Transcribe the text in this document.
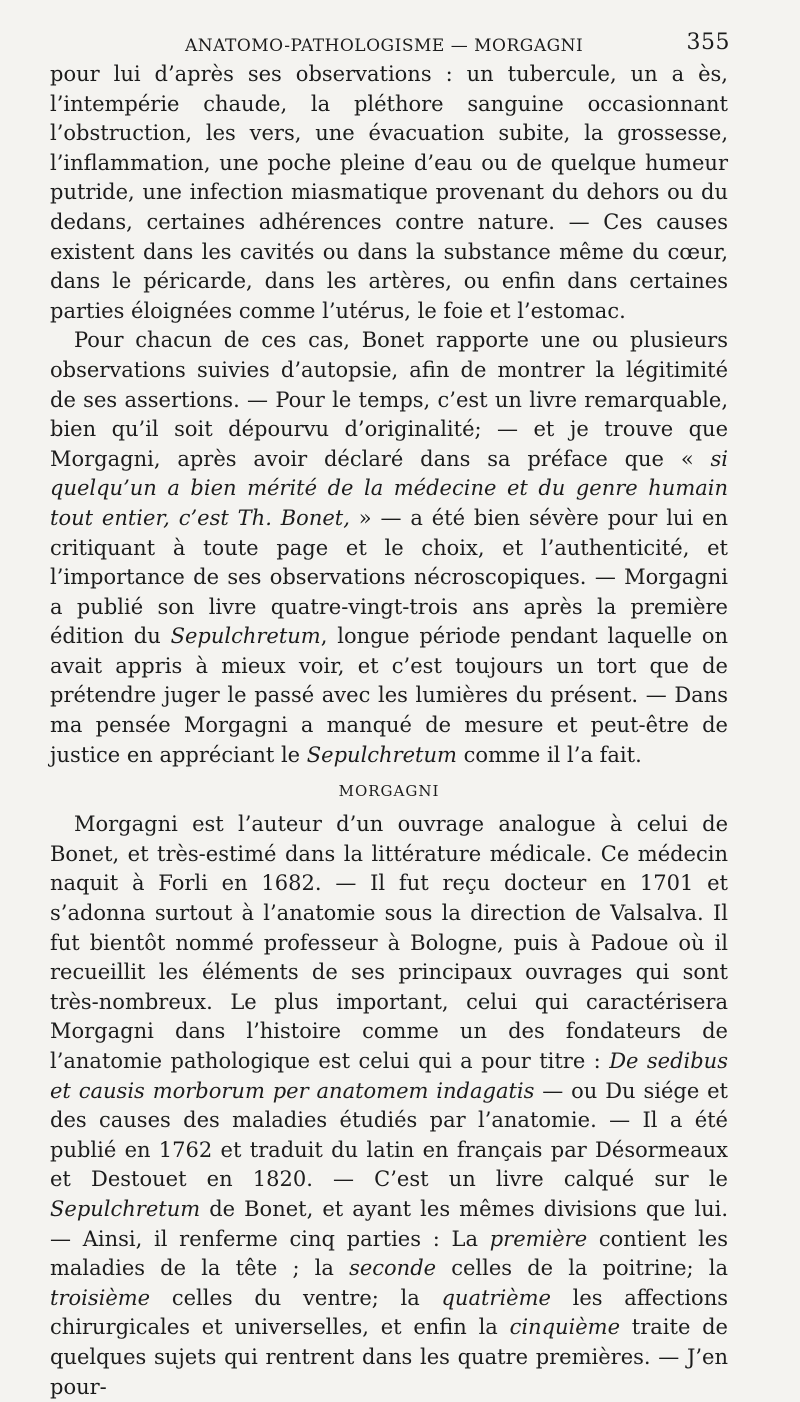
ANATOMO-PATHOLOGISME — MORGAGNI	355

pour lui d’après ses observations : un tubercule, un a ès, l’intempérie chaude, la pléthore sanguine occasionnant l’obstruction, les vers, une évacuation subite, la grossesse, l’inflammation, une poche pleine d’eau ou de quelque humeur putride, une infection miasmatique provenant du dehors ou du dedans, certaines adhérences contre nature. — Ces causes existent dans les cavités ou dans la substance même du cœur, dans le péricarde, dans les artères, ou enfin dans certaines parties éloignées comme l’utérus, le foie et l’estomac.

Pour chacun de ces cas, Bonet rapporte une ou plusieurs observations suivies d’autopsie, afin de montrer la légitimité de ses assertions. — Pour le temps, c’est un livre remarquable, bien qu’il soit dépourvu d’originalité; — et je trouve que Morgagni, après avoir déclaré dans sa préface que « si quelqu’un a bien mérité de la médecine et du genre humain tout entier, c’est Th. Bonet, » — a été bien sévère pour lui en critiquant à toute page et le choix, et l’authenticité, et l’importance de ses observations nécroscopiques. — Morgagni a publié son livre quatre-vingt-trois ans après la première édition du Sepulchretum, longue période pendant laquelle on avait appris à mieux voir, et c’est toujours un tort que de prétendre juger le passé avec les lumières du présent. — Dans ma pensée Morgagni a manqué de mesure et peut-être de justice en appréciant le Sepulchretum comme il l’a fait.

MORGAGNI

Morgagni est l’auteur d’un ouvrage analogue à celui de Bonet, et très-estimé dans la littérature médicale. Ce médecin naquit à Forli en 1682. — Il fut reçu docteur en 1701 et s’adonna surtout à l’anatomie sous la direction de Valsalva. Il fut bientôt nommé professeur à Bologne, puis à Padoue où il recueillit les éléments de ses principaux ouvrages qui sont très-nombreux. Le plus important, celui qui caractérisera Morgagni dans l’histoire comme un des fondateurs de l’anatomie pathologique est celui qui a pour titre : De sedibus et causis morborum per anatomem indagatis — ou Du siége et des causes des maladies étudiés par l’anatomie. — Il a été publié en 1762 et traduit du latin en français par Désormeaux et Destouet en 1820. — C’est un livre calqué sur le Sepulchretum de Bonet, et ayant les mêmes divisions que lui. — Ainsi, il renferme cinq parties : La première contient les maladies de la tête ; la seconde celles de la poitrine; la troisième celles du ventre; la quatrième les affections chirurgicales et universelles, et enfin la cinquième traite de quelques sujets qui rentrent dans les quatre premières. — J’en pour-
